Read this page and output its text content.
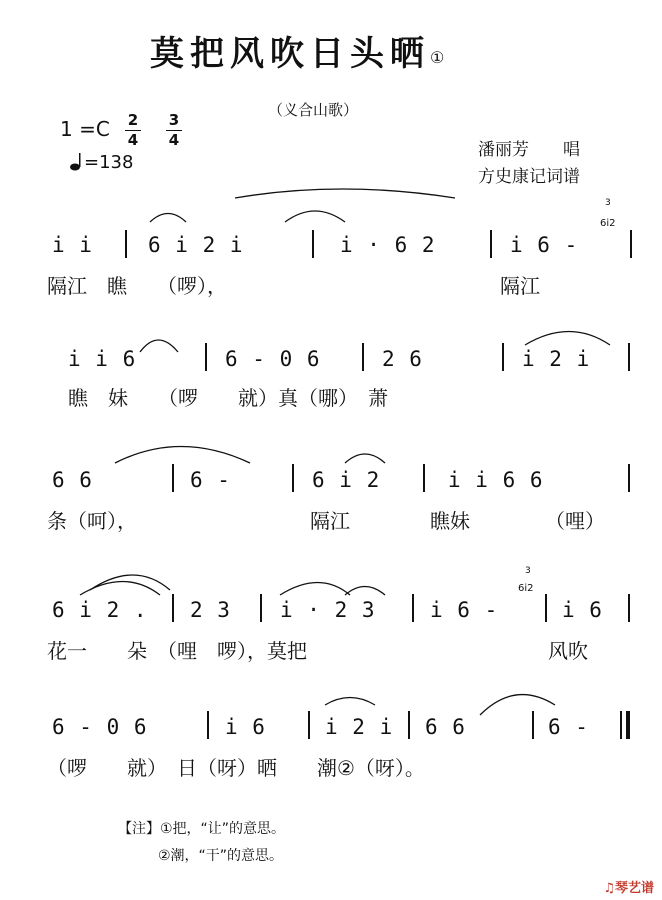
莫把风吹日头晒①
（义合山歌）
1 =C 2
4
3
4
=138
潘丽芳　　唱
方史康记词谱
i i	6 i 2 i	i · 6 2	i 6 -
6i2
3
隔江　瞧　　（啰），	隔江
i i 6	6 - 0 6	2 6	i 2 i
瞧　妹　　（啰　　就）真（哪）　萧
6 6	6 -	6 i 2	i i 6 6
条（呵），	隔江	瞧妹	（哩）
6 i 2 . 2 3 i · 2 3	i 6 -	i 6
6i2
3
花一　　朵　（哩　啰），莫把	风吹
6 - 0 6	i 6	i 2 i 6 6	6 -
（啰　　就）　日（呀）晒　　潮②（呀）。
【注】①把，“让”的意思。
②潮，“干”的意思。
♫琴艺谱
